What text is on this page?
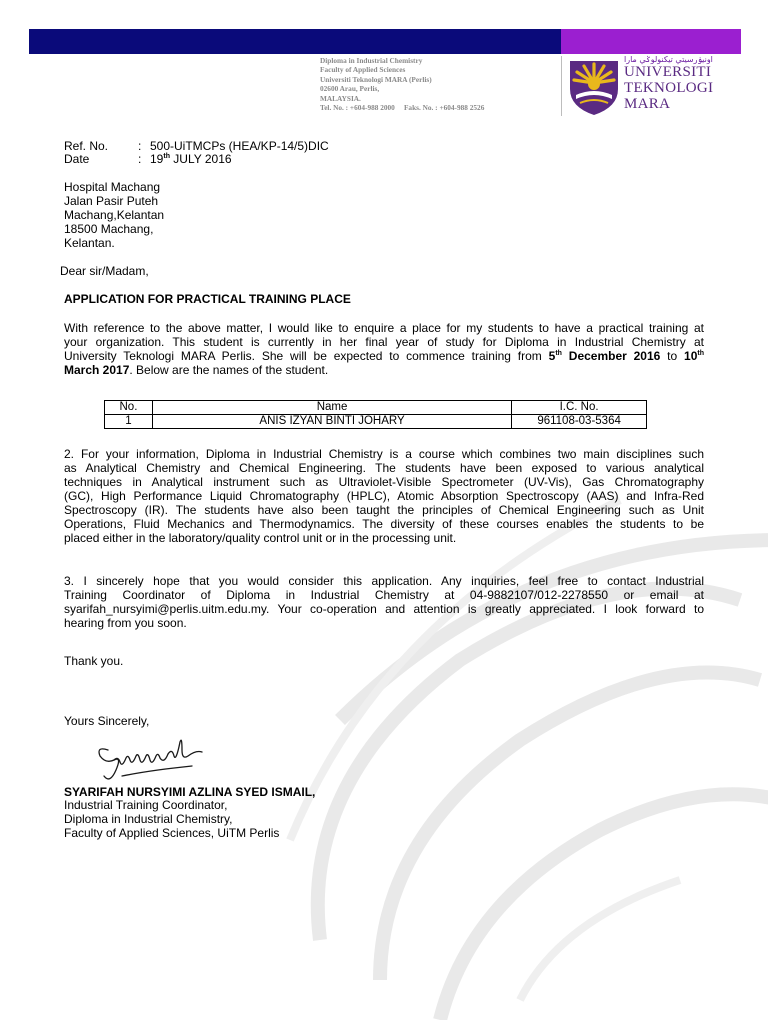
Diploma in Industrial Chemistry
Faculty of Applied Sciences
Universiti Teknologi MARA (Perlis)
02600 Arau, Perlis,
MALAYSIA.
Tel. No. : +604-988 2000 Faks. No. : +604-988 2526
اونيۏرسيتي تيكنولوݢي مارا
UNIVERSITI
TEKNOLOGI
MARA
Ref. No. : 500-UiTMCPs (HEA/KP-14/5)DIC
Date	: 19th JULY 2016
Hospital Machang
Jalan Pasir Puteh
Machang,Kelantan
18500 Machang,
Kelantan.
Dear sir/Madam,
APPLICATION FOR PRACTICAL TRAINING PLACE
With reference to the above matter, I would like to enquire a place for my students to have a practical training at
your organization. This student is currently in her final year of study for Diploma in Industrial Chemistry at
University Teknologi MARA Perlis. She will be expected to commence training from 5th December 2016 to 10th
March 2017. Below are the names of the student.
No.	Name	I.C. No.
1	ANIS IZYAN BINTI JOHARY	961108-03-5364
2. For your information, Diploma in Industrial Chemistry is a course which combines two main disciplines such
as Analytical Chemistry and Chemical Engineering. The students have been exposed to various analytical
techniques in Analytical instrument such as Ultraviolet-Visible Spectrometer (UV-Vis), Gas Chromatography
(GC), High Performance Liquid Chromatography (HPLC), Atomic Absorption Spectroscopy (AAS) and Infra-Red
Spectroscopy (IR). The students have also been taught the principles of Chemical Engineering such as Unit
Operations, Fluid Mechanics and Thermodynamics. The diversity of these courses enables the students to be
placed either in the laboratory/quality control unit or in the processing unit.
3. I sincerely hope that you would consider this application. Any inquiries, feel free to contact Industrial
Training Coordinator of Diploma in Industrial Chemistry at 04-9882107/012-2278550 or email at
syarifah_nursyimi@perlis.uitm.edu.my. Your co-operation and attention is greatly appreciated. I look forward to
hearing from you soon.
Thank you.
Yours Sincerely,
SYARIFAH NURSYIMI AZLINA SYED ISMAIL,
Industrial Training Coordinator,
Diploma in Industrial Chemistry,
Faculty of Applied Sciences, UiTM Perlis
